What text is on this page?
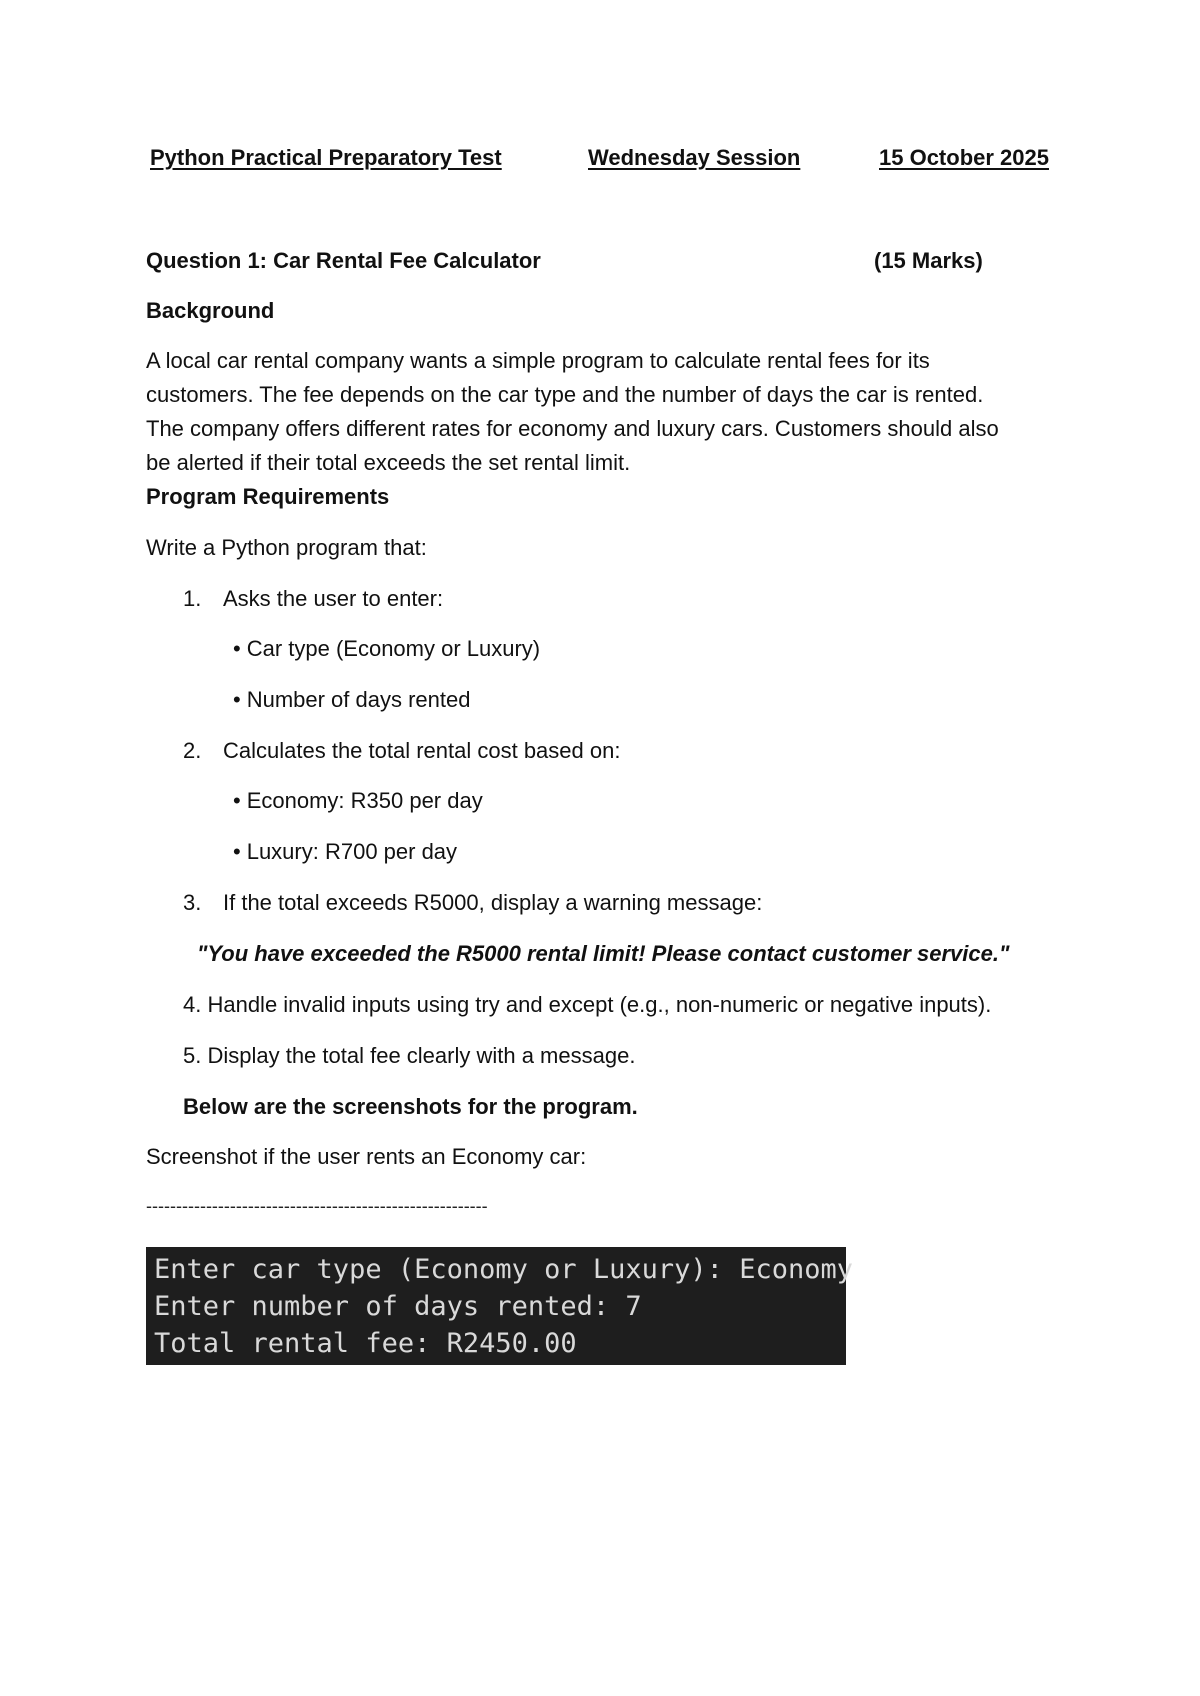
Python Practical Preparatory Test	Wednesday Session	15 October 2025
Question 1: Car Rental Fee Calculator	(15 Marks)
Background
A local car rental company wants a simple program to calculate rental fees for its
customers. The fee depends on the car type and the number of days the car is rented.
The company offers different rates for economy and luxury cars. Customers should also
be alerted if their total exceeds the set rental limit.
Program Requirements
Write a Python program that:
1. Asks the user to enter:
• Car type (Economy or Luxury)
• Number of days rented
2. Calculates the total rental cost based on:
• Economy: R350 per day
• Luxury: R700 per day
3. If the total exceeds R5000, display a warning message:
"You have exceeded the R5000 rental limit! Please contact customer service."
4. Handle invalid inputs using try and except (e.g., non-numeric or negative inputs).
5. Display the total fee clearly with a message.
Below are the screenshots for the program.
Screenshot if the user rents an Economy car:
---------------------------------------------------------
Enter car type (Economy or Luxury): Economy
Enter number of days rented: 7
Total rental fee: R2450.00
